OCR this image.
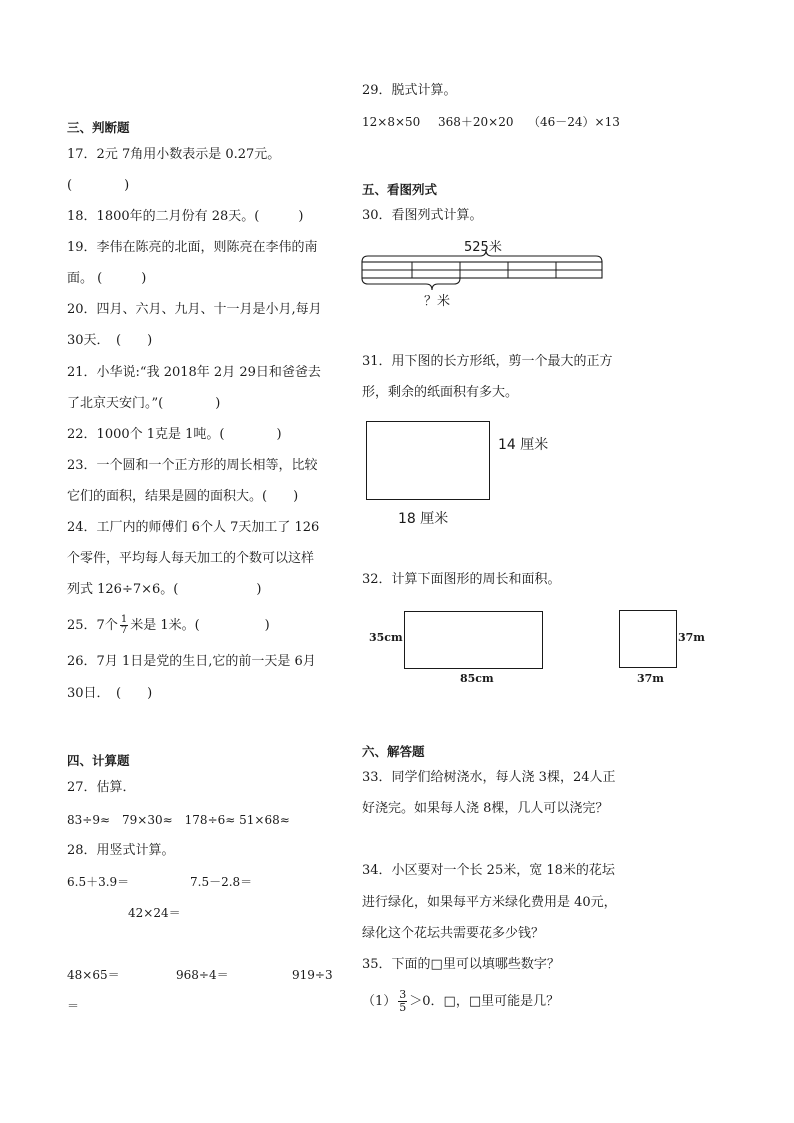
三、判断题
17．2元 7角用小数表示是 0.27元。
(　　　　)
18．1800年的二月份有 28天。(　　　)
19．李伟在陈亮的北面，则陈亮在李伟的南
面。 (　　　)
20．四月、六月、九月、十一月是小月,每月
30天．　(　　)
21．小华说:“我 2018年 2月 29日和爸爸去
了北京天安门。”(　　　　)
22．1000个 1克是 1吨。(　　　　)
23．一个圆和一个正方形的周长相等，比较
它们的面积，结果是圆的面积大。(　　)
24．工厂内的师傅们 6个人 7天加工了 126
个零件，平均每人每天加工的个数可以这样
列式 126÷7×6。(　　　　　　)
25．7个 $\frac{1}{7}$ 米是 1米。(　　　　　)
26．7月 1日是党的生日,它的前一天是 6月
30日．　(　　)
四、计算题
27．估算．
83÷9≈　79×30≈　178÷6≈ 51×68≈
28．用竖式计算。
6.5＋3.9＝	7.5－2.8＝
42×24＝
48×65＝	968÷4＝	919÷3
＝
29．脱式计算。
12×8×50 368＋20×20 （46－24）×13
五、看图列式
30．看图列式计算。
525米
？米
31．用下图的长方形纸，剪一个最大的正方
形，剩余的纸面积有多大。
14 厘米
18 厘米
32．计算下面图形的周长和面积。
35cm
85cm
37m
37m
六、解答题
33．同学们给树浇水，每人浇 3棵，24人正
好浇完。如果每人浇 8棵，几人可以浇完？
34．小区要对一个长 25米，宽 18米的花坛
进行绿化，如果每平方米绿化费用是 40元，
绿化这个花坛共需要花多少钱？
35．下面的□里可以填哪些数字？
$(1) \frac{3}{5} >0$．□，□里可能是几？
